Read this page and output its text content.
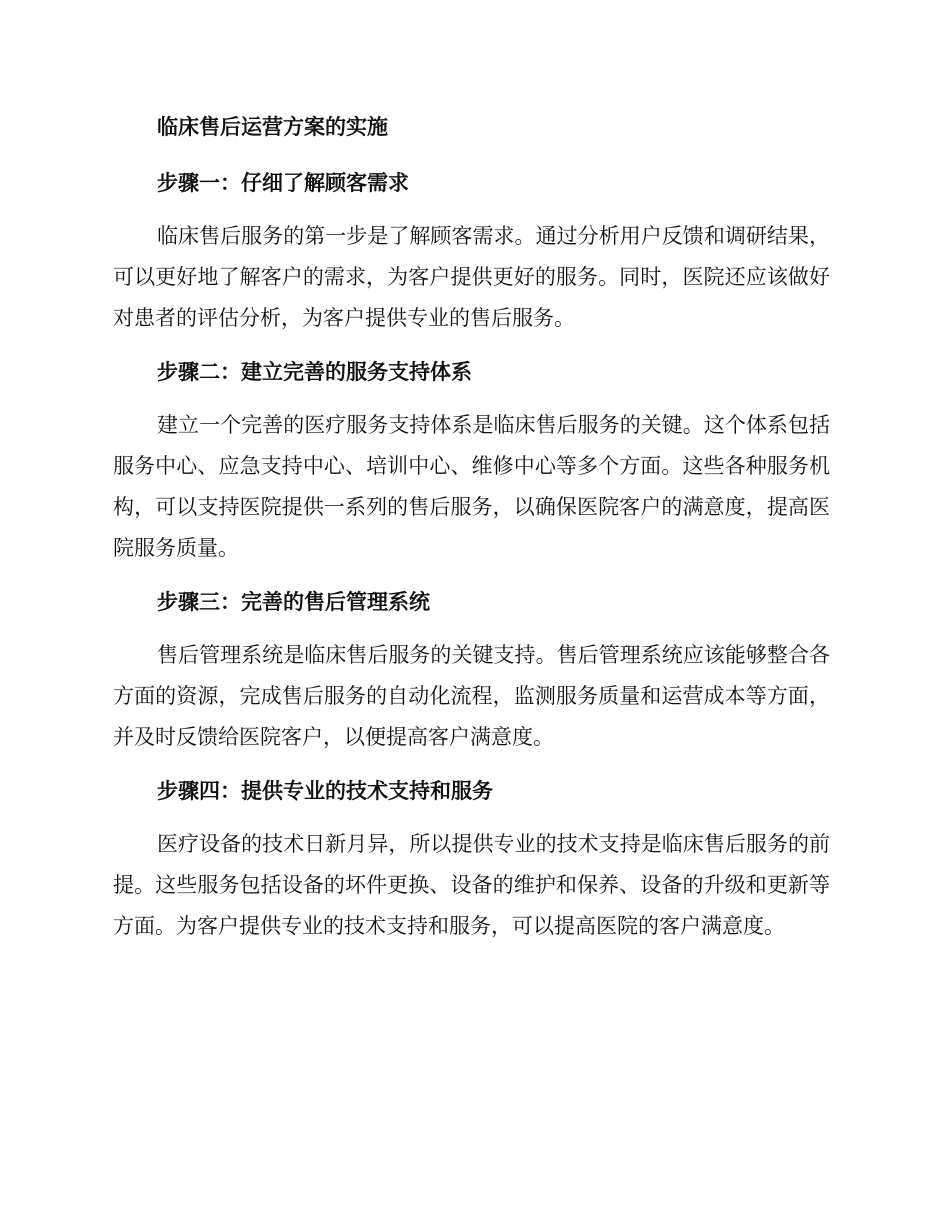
临床售后运营方案的实施
步骤一：仔细了解顾客需求

临床售后服务的第一步是了解顾客需求。通过分析用户反馈和调研结果，可以更好地了解客户的需求，为客户提供更好的服务。同时，医院还应该做好对患者的评估分析，为客户提供专业的售后服务。

步骤二：建立完善的服务支持体系

建立一个完善的医疗服务支持体系是临床售后服务的关键。这个体系包括服务中心、应急支持中心、培训中心、维修中心等多个方面。这些各种服务机构，可以支持医院提供一系列的售后服务，以确保医院客户的满意度，提高医院服务质量。

步骤三：完善的售后管理系统

售后管理系统是临床售后服务的关键支持。售后管理系统应该能够整合各方面的资源，完成售后服务的自动化流程，监测服务质量和运营成本等方面，并及时反馈给医院客户，以便提高客户满意度。

步骤四：提供专业的技术支持和服务

医疗设备的技术日新月异，所以提供专业的技术支持是临床售后服务的前提。这些服务包括设备的坏件更换、设备的维护和保养、设备的升级和更新等方面。为客户提供专业的技术支持和服务，可以提高医院的客户满意度。
